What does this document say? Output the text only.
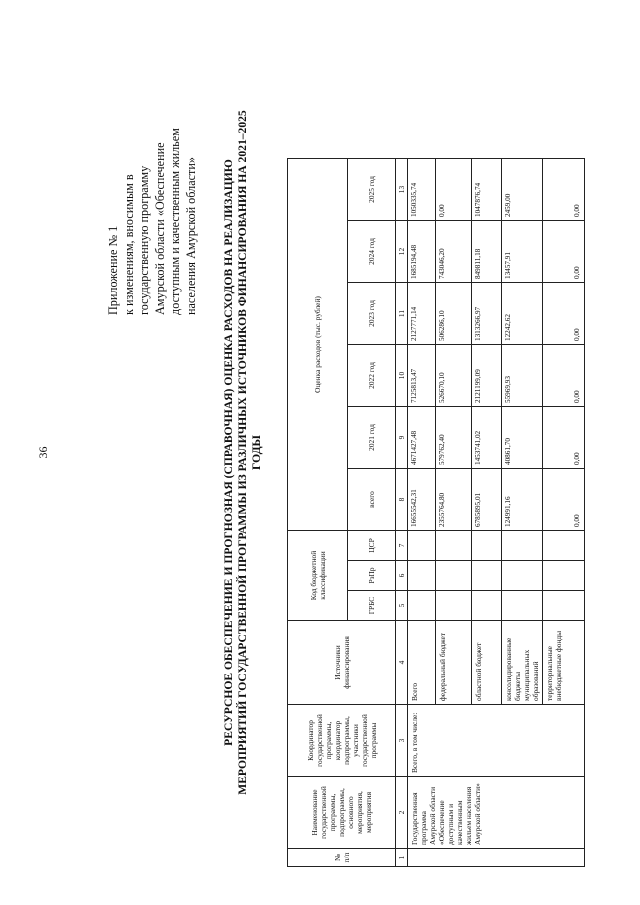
36
Приложение № 1 к изменениям, вносимым в государственную программу Амурской области «Обеспечение доступным и качественным жильем населения Амурской области» РЕСУРСНОЕ ОБЕСПЕЧЕНИЕ И ПРОГНОЗНАЯ (СПРАВОЧНАЯ) ОЦЕНКА РАСХОДОВ НА РЕАЛИЗАЦИЮ МЕРОПРИЯТИЙ ГОСУДАРСТВЕННОЙ ПРОГРАММЫ ИЗ РАЗЛИЧНЫХ ИСТОЧНИКОВ ФИНАНСИРОВАНИЯ НА 2021–2025 ГОДЫ
№ п/п	Наименование государственной программы, подпрограммы, основного мероприятия, мероприятия	Координатор государственной программы, координатор подпрограммы, участники государственной программы	Источники финансирования	Код бюджетной классификации			Оценка расходов (тыс. рублей)					
				ГРБС	РзПр	ЦСР	всего	2021 год	2022 год	2023 год	2024 год	2025 год
1	2	3	4	5	6	7	8	9	10	11	12	13
	Государственная программа Амурской области «Обеспечение доступным и качественным жильем населения Амурской области»	Всего, в том числе:	Всего				16655542,31	4671427,48	7125813,47	2127771,14	1685194,48	1050335,74
			федеральный бюджет				2355764,80	579762,40	526670,10	506286,10	743046,20	0,00
			областной бюджет				6785895,01	1453741,02	2121199,09	1313266,97	849811,18	1047876,74
			консолидированные бюджеты муниципальных образований				124991,16	40861,70	55969,93	12242,62	13457,91	2459,00
			территориальные внебюджетные фонды				0,00	0,00	0,00	0,00	0,00	0,00
